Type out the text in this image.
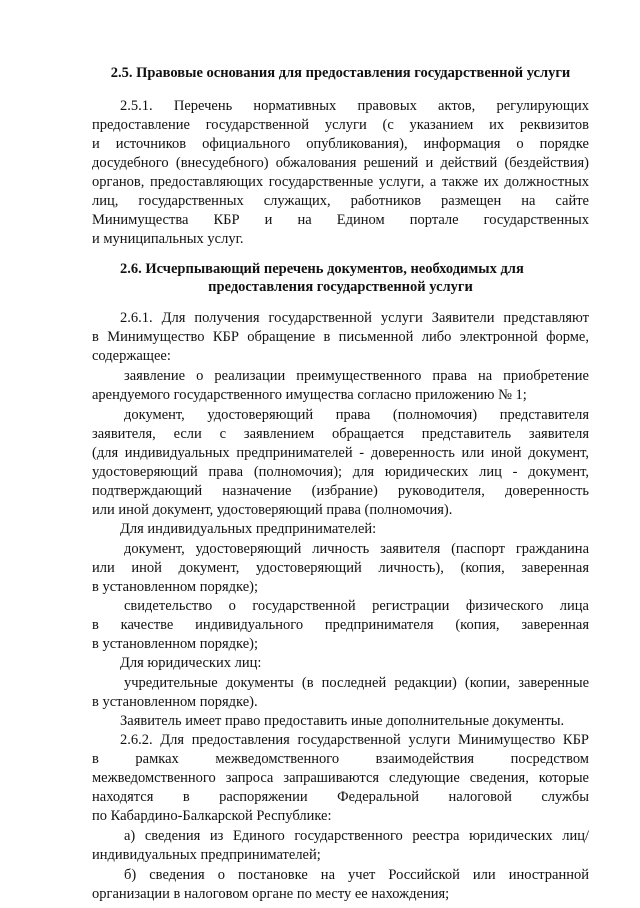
2.5. Правовые основания для предоставления государственной услуги
2.5.1. Перечень нормативных правовых актов, регулирующих
предоставление государственной услуги (с указанием их реквизитов
и источников официального опубликования), информация о порядке
досудебного (внесудебного) обжалования решений и действий (бездействия)
органов, предоставляющих государственные услуги, а также их должностных
лиц, государственных служащих, работников размещен на сайте
Минимущества КБР и на Едином портале государственных
и муниципальных услуг.
2.6. Исчерпывающий перечень документов, необходимых для
предоставления государственной услуги
2.6.1. Для получения государственной услуги Заявители представляют
в Минимущество КБР обращение в письменной либо электронной форме,
содержащее:
заявление о реализации преимущественного права на приобретение
арендуемого государственного имущества согласно приложению № 1;
документ, удостоверяющий права (полномочия) представителя
заявителя, если с заявлением обращается представитель заявителя
(для индивидуальных предпринимателей - доверенность или иной документ,
удостоверяющий права (полномочия); для юридических лиц - документ,
подтверждающий назначение (избрание) руководителя, доверенность
или иной документ, удостоверяющий права (полномочия).
Для индивидуальных предпринимателей:
документ, удостоверяющий личность заявителя (паспорт гражданина
или иной документ, удостоверяющий личность), (копия, заверенная
в установленном порядке);
свидетельство о государственной регистрации физического лица
в качестве индивидуального предпринимателя (копия, заверенная
в установленном порядке);
Для юридических лиц:
учредительные документы (в последней редакции) (копии, заверенные
в установленном порядке).
Заявитель имеет право предоставить иные дополнительные документы.
2.6.2. Для предоставления государственной услуги Минимущество КБР
в рамках межведомственного взаимодействия посредством
межведомственного запроса запрашиваются следующие сведения, которые
находятся в распоряжении Федеральной налоговой службы
по Кабардино-Балкарской Республике:
а) сведения из Единого государственного реестра юридических лиц/
индивидуальных предпринимателей;
б) сведения о постановке на учет Российской или иностранной
организации в налоговом органе по месту ее нахождения;
